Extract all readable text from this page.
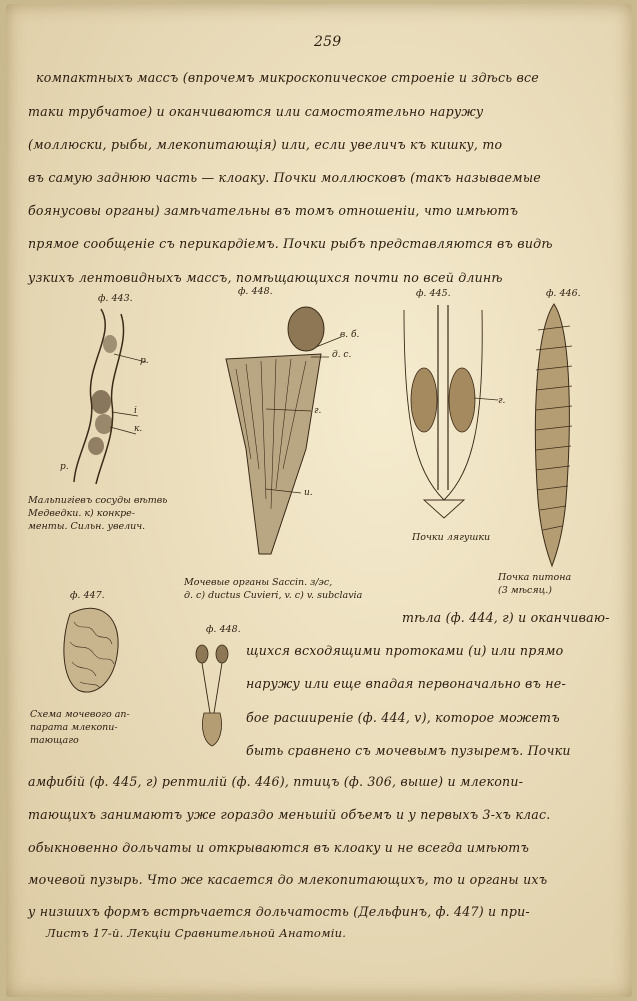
259
компактныхъ массъ (впрочемъ микроскопическое строеніе и здѣсь все
таки трубчатое) и оканчиваются или самостоятельно наружу
(моллюски, рыбы, млекопитающія) или, если увеличъ къ кишку, то
въ самую заднюю часть — клоаку. Почки моллюсковъ (такъ называемые
боянусовы органы) замѣчательны въ томъ отношеніи, что имѣютъ
прямое сообщеніе съ перикардіемъ. Почки рыбъ представляются въ видѣ
узкихъ лентовидныхъ массъ, помѣщающихся почти по всей длинѣ
ф. 443.
р.
i
к.
р.
Мальпигіевъ сосуды вѣтвь
Медведки. к) конкре-
менты. Сильн. увелич.
ф. 448.
в. б.
д. с.
г.
и.
Мочевые органы Saccin. з/эс,
д. с) ductus Cuvieri, v. c) v. subclavia
ф. 445.
г.
Почки лягушки
ф. 446.
Почка питона
(3 мѣсяц.)
ф. 447.
Схема мочевого ап-
парата млекопи-
тающаго
ф. 448.
тѣла (ф. 444, г) и оканчиваю-
щихся всходящими протоками (и) или прямо
наружу или еще впадая первоначально въ не-
бое расширеніе (ф. 444, v), которое можетъ
быть сравнено съ мочевымъ пузыремъ. Почки
амфибій (ф. 445, г) рептилій (ф. 446), птицъ (ф. 306, выше) и млекопи-
тающихъ занимаютъ уже гораздо меньшій объемъ и у первыхъ 3-хъ клас.
обыкновенно дольчаты и открываются въ клоаку и не всегда имѣютъ
мочевой пузырь. Что же касается до млекопитающихъ, то и органы ихъ
у низшихъ формъ встрѣчается дольчатость (Дельфинъ, ф. 447) и при-
Листъ 17-й. Лекціи Сравнительной Анатоміи.
